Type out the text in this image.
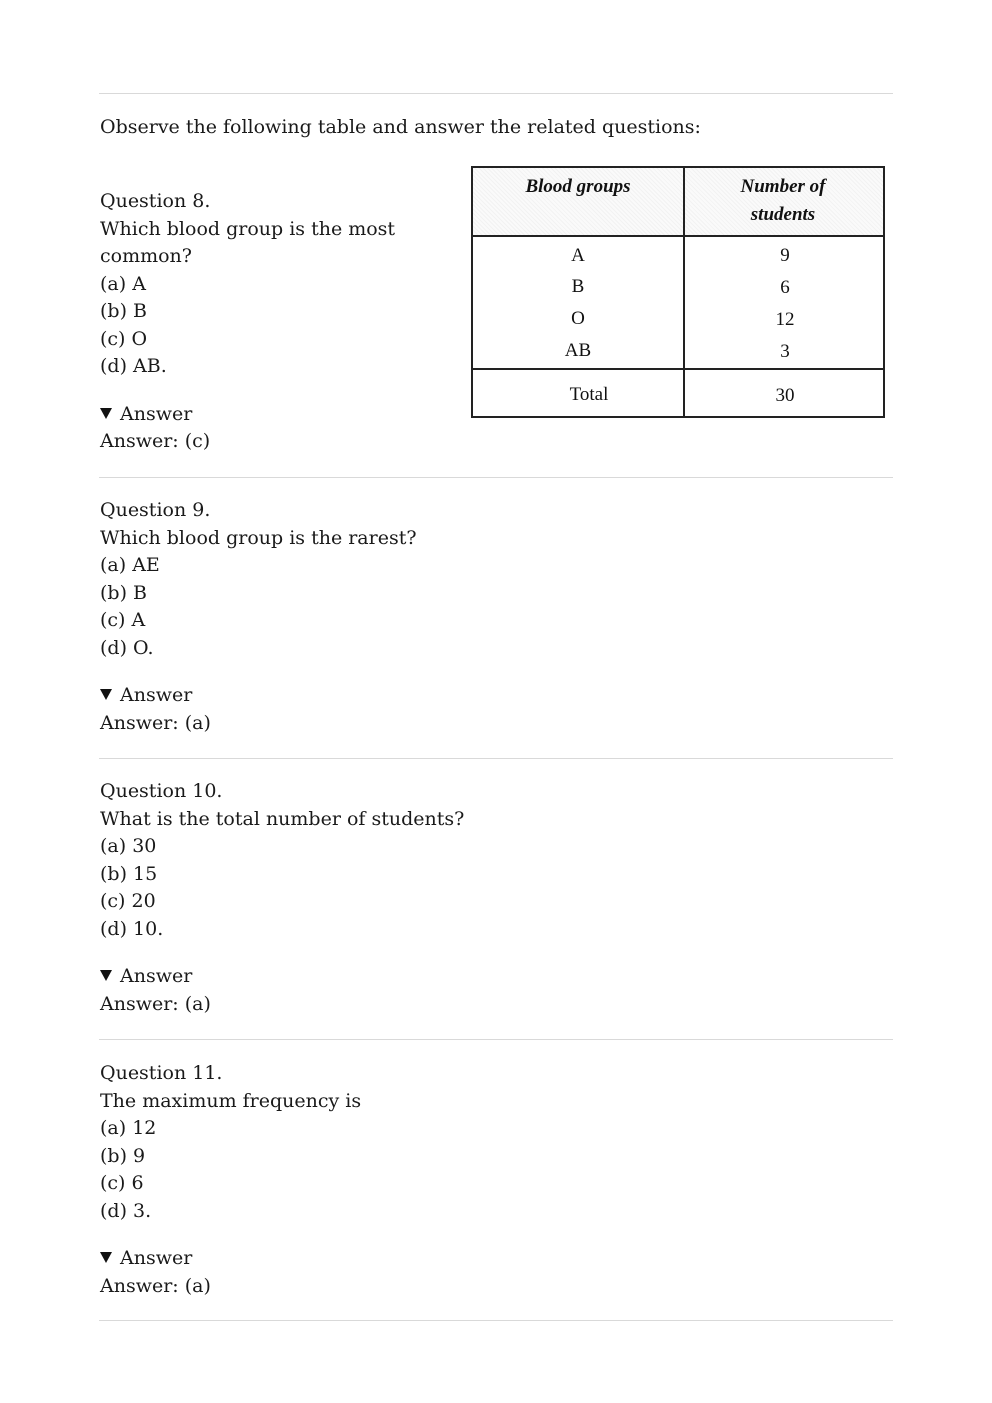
Observe the following table and answer the related questions:
Blood groups	Number of students
A	9
B	6
O	12
AB	3
Total	30
Question 8.
Which blood group is the most
common?
(a) A
(b) B
(c) O
(d) AB.
Answer
Answer: (c)
Question 9.
Which blood group is the rarest?
(a) AE
(b) B
(c) A
(d) O.
Answer
Answer: (a)
Question 10.
What is the total number of students?
(a) 30
(b) 15
(c) 20
(d) 10.
Answer
Answer: (a)
Question 11.
The maximum frequency is
(a) 12
(b) 9
(c) 6
(d) 3.
Answer
Answer: (a)
